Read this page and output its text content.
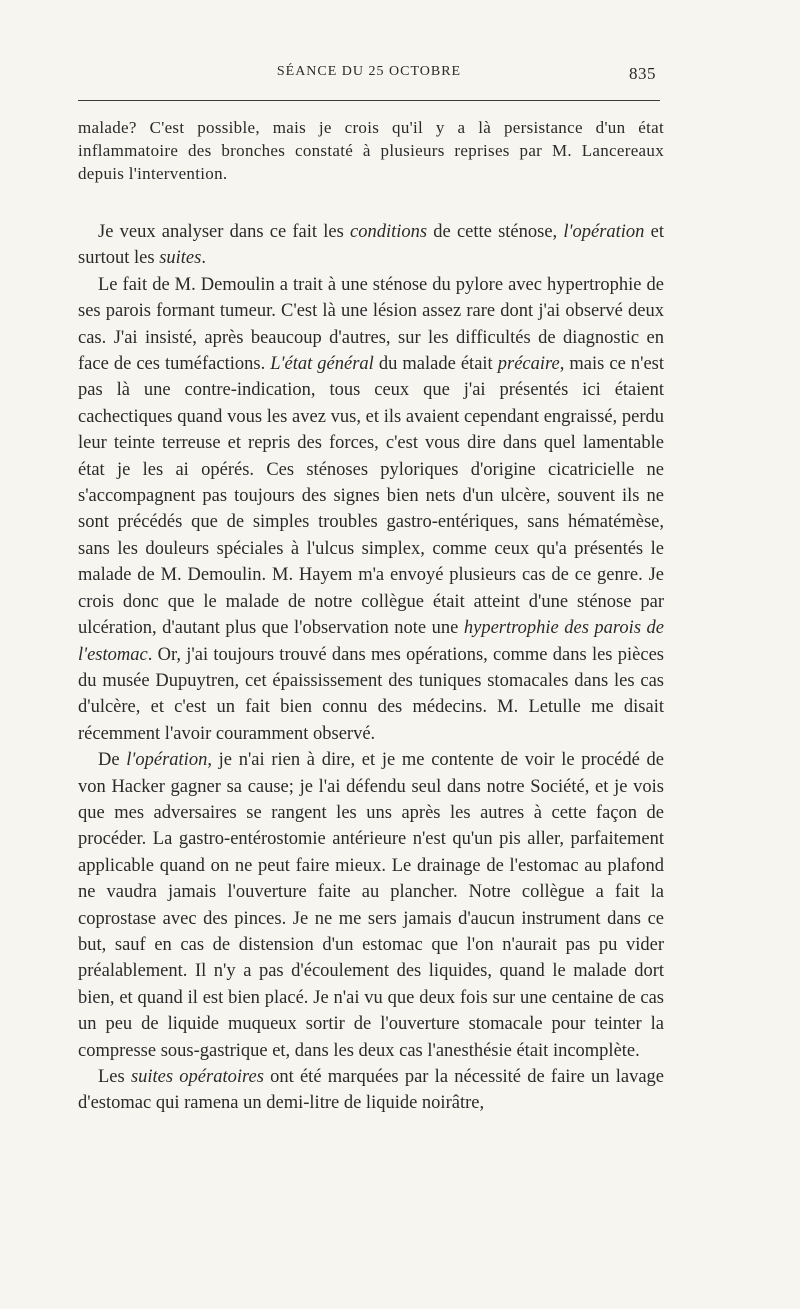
SÉANCE DU 25 OCTOBRE	835

malade? C'est possible, mais je crois qu'il y a là persistance d'un état inflammatoire des bronches constaté à plusieurs reprises par M. Lancereaux depuis l'intervention.

Je veux analyser dans ce fait les conditions de cette sténose, l'opération et surtout les suites.

Le fait de M. Demoulin a trait à une sténose du pylore avec hypertrophie de ses parois formant tumeur. C'est là une lésion assez rare dont j'ai observé deux cas. J'ai insisté, après beaucoup d'autres, sur les difficultés de diagnostic en face de ces tuméfactions. L'état général du malade était précaire, mais ce n'est pas là une contre-indication, tous ceux que j'ai présentés ici étaient cachectiques quand vous les avez vus, et ils avaient cependant engraissé, perdu leur teinte terreuse et repris des forces, c'est vous dire dans quel lamentable état je les ai opérés. Ces sténoses pyloriques d'origine cicatricielle ne s'accompagnent pas toujours des signes bien nets d'un ulcère, souvent ils ne sont précédés que de simples troubles gastro-entériques, sans hématémèse, sans les douleurs spéciales à l'ulcus simplex, comme ceux qu'a présentés le malade de M. Demoulin. M. Hayem m'a envoyé plusieurs cas de ce genre. Je crois donc que le malade de notre collègue était atteint d'une sténose par ulcération, d'autant plus que l'observation note une hypertrophie des parois de l'estomac. Or, j'ai toujours trouvé dans mes opérations, comme dans les pièces du musée Dupuytren, cet épaississement des tuniques stomacales dans les cas d'ulcère, et c'est un fait bien connu des médecins. M. Letulle me disait récemment l'avoir couramment observé.

De l'opération, je n'ai rien à dire, et je me contente de voir le procédé de von Hacker gagner sa cause; je l'ai défendu seul dans notre Société, et je vois que mes adversaires se rangent les uns après les autres à cette façon de procéder. La gastro-entérostomie antérieure n'est qu'un pis aller, parfaitement applicable quand on ne peut faire mieux. Le drainage de l'estomac au plafond ne vaudra jamais l'ouverture faite au plancher. Notre collègue a fait la coprostase avec des pinces. Je ne me sers jamais d'aucun instrument dans ce but, sauf en cas de distension d'un estomac que l'on n'aurait pas pu vider préalablement. Il n'y a pas d'écoulement des liquides, quand le malade dort bien, et quand il est bien placé. Je n'ai vu que deux fois sur une centaine de cas un peu de liquide muqueux sortir de l'ouverture stomacale pour teinter la compresse sous-gastrique et, dans les deux cas l'anesthésie était incomplète.

Les suites opératoires ont été marquées par la nécessité de faire un lavage d'estomac qui ramena un demi-litre de liquide noirâtre,
